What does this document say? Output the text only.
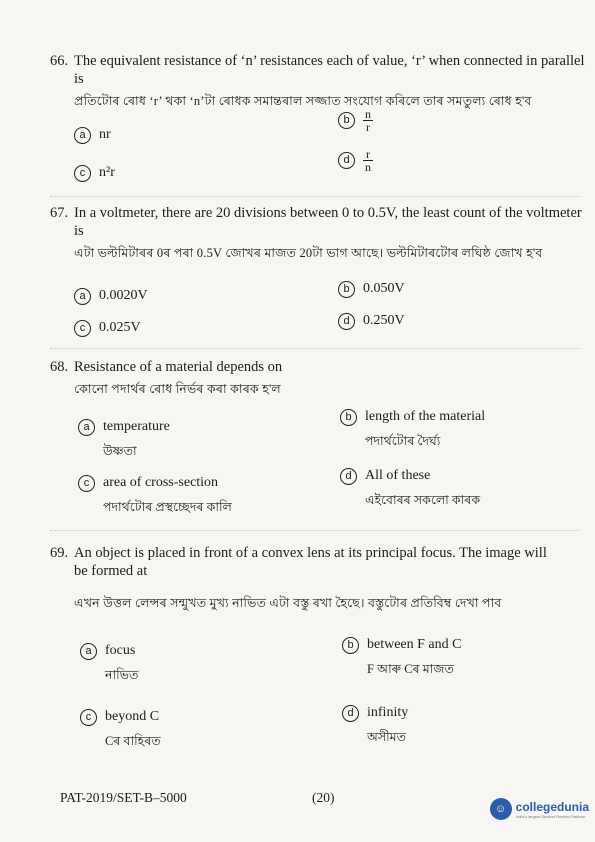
66. The equivalent resistance of ‘n’ resistances each of value, ‘r’ when connected in parallel
is
প্ৰতিটোৰ ৰোধ ‘r’ থকা ‘n’টা ৰোধক সমান্তৰাল সজ্জাত সংযোগ কৰিলে তাৰ সমতুল্য ৰোধ হ'ব
a nr
b $\frac{n}{r}$
c n²r
d $\frac{r}{n}$
67. In a voltmeter, there are 20 divisions between 0 to 0.5V, the least count of the voltmeter
is
এটা ভল্টমিটাৰৰ 0ৰ পৰা 0.5V জোখৰ মাজত 20টা ভাগ আছে। ভল্টমিটাৰটোৰ লঘিষ্ঠ জোখ হ'ব
a 0.0020V	b 0.050V
c 0.025V	d 0.250V
68. Resistance of a material depends on
কোনো পদাৰ্থৰ ৰোধ নিৰ্ভৰ কৰা কাৰক হ'ল
a temperature
উষ্ণতা
b length of the material
পদাৰ্থটোৰ দৈৰ্ঘ্য
c area of cross-section
পদাৰ্থটোৰ প্ৰস্থচ্ছেদৰ কালি
d All of these
এইবোৰৰ সকলো কাৰক
69. An object is placed in front of a convex lens at its principal focus. The image will
be formed at
এখন উত্তল লেন্সৰ সন্মুখত মুখ্য নাভিত এটা বস্তু ৰখা হৈছে। বস্তুটোৰ প্ৰতিবিম্ব দেখা পাব
a focus
নাভিত
b between F and C
F আৰু Cৰ মাজত
c beyond C
Cৰ বাহিৰত
d infinity
অসীমত
PAT-2019/SET-B–5000	(20)
☺ collegedunia
India's largest Student Review Platform
